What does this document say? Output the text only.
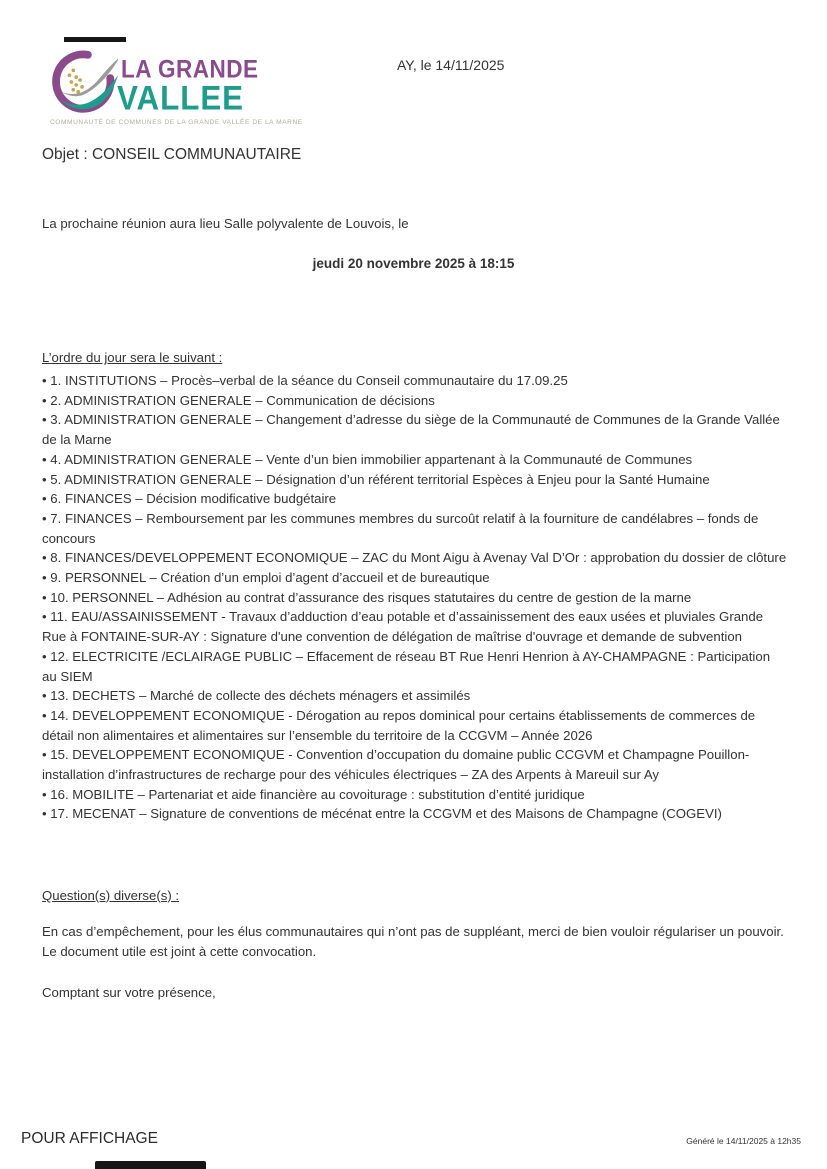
LA GRANDE
VALLEE
COMMUNAUTÉ DE COMMUNES DE LA GRANDE VALLÉE DE LA MARNE
AY, le 14/11/2025
Objet : CONSEIL COMMUNAUTAIRE
La prochaine réunion aura lieu Salle polyvalente de Louvois, le
jeudi 20 novembre 2025 à 18:15
L’ordre du jour sera le suivant :
• 1. INSTITUTIONS – Procès–verbal de la séance du Conseil communautaire du 17.09.25
• 2. ADMINISTRATION GENERALE – Communication de décisions
• 3. ADMINISTRATION GENERALE – Changement d’adresse du siège de la Communauté de Communes de la Grande Vallée de la Marne
• 4. ADMINISTRATION GENERALE – Vente d’un bien immobilier appartenant à la Communauté de Communes
• 5. ADMINISTRATION GENERALE – Désignation d’un référent territorial Espèces à Enjeu pour la Santé Humaine
• 6. FINANCES – Décision modificative budgétaire
• 7. FINANCES – Remboursement par les communes membres du surcoût relatif à la fourniture de candélabres – fonds de concours
• 8. FINANCES/DEVELOPPEMENT ECONOMIQUE – ZAC du Mont Aigu à Avenay Val D’Or : approbation du dossier de clôture
• 9. PERSONNEL – Création d’un emploi d’agent d’accueil et de bureautique
• 10. PERSONNEL – Adhésion au contrat d’assurance des risques statutaires du centre de gestion de la marne
• 11. EAU/ASSAINISSEMENT - Travaux d’adduction d’eau potable et d’assainissement des eaux usées et pluviales Grande Rue à FONTAINE-SUR-AY : Signature d'une convention de délégation de maîtrise d'ouvrage et demande de subvention
• 12. ELECTRICITE /ECLAIRAGE PUBLIC – Effacement de réseau BT Rue Henri Henrion à AY-CHAMPAGNE : Participation au SIEM
• 13. DECHETS – Marché de collecte des déchets ménagers et assimilés
• 14. DEVELOPPEMENT ECONOMIQUE - Dérogation au repos dominical pour certains établissements de commerces de détail non alimentaires et alimentaires sur l’ensemble du territoire de la CCGVM – Année 2026
• 15. DEVELOPPEMENT ECONOMIQUE - Convention d’occupation du domaine public CCGVM et Champagne Pouillon- installation d’infrastructures de recharge pour des véhicules électriques – ZA des Arpents à Mareuil sur Ay
• 16. MOBILITE – Partenariat et aide financière au covoiturage : substitution d’entité juridique
• 17. MECENAT – Signature de conventions de mécénat entre la CCGVM et des Maisons de Champagne (COGEVI)
Question(s) diverse(s) :
En cas d’empêchement, pour les élus communautaires qui n’ont pas de suppléant, merci de bien vouloir régulariser un pouvoir. Le document utile est joint à cette convocation.
Comptant sur votre présence,
POUR AFFICHAGE	Généré le 14/11/2025 à 12h35
